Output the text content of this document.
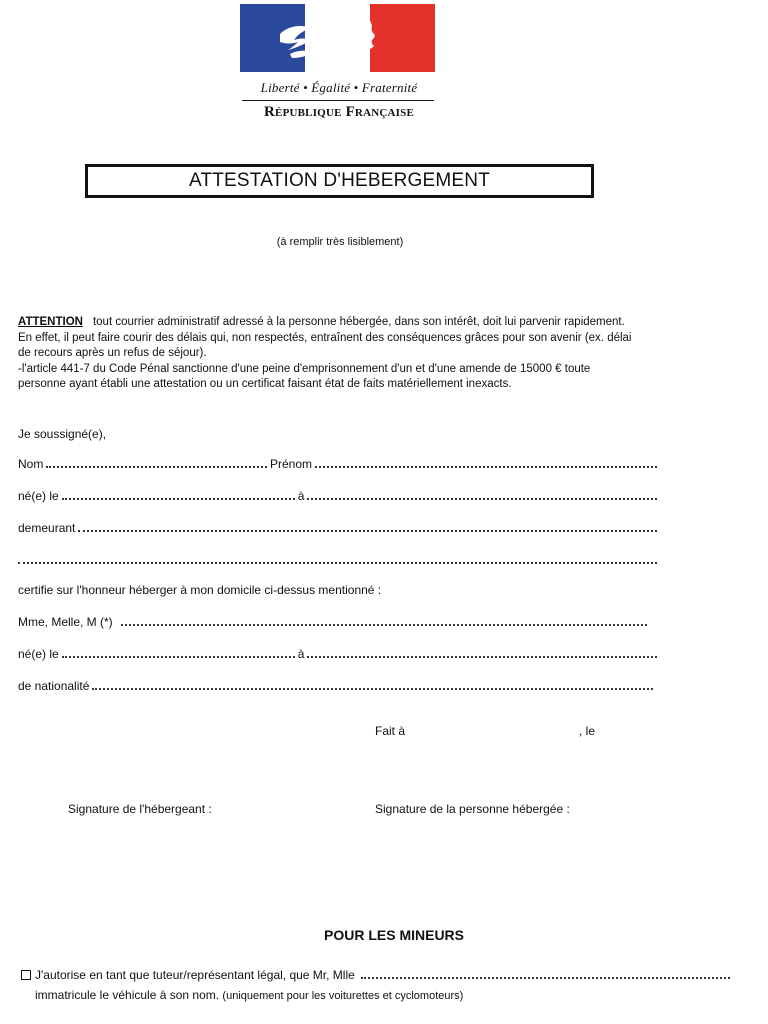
Liberté • Égalité • Fraternité
République Française
ATTESTATION D'HEBERGEMENT
(à remplir très lisiblement)
ATTENTION tout courrier administratif adressé à la personne hébergée, dans son intérêt, doit lui parvenir rapidement.
En effet, il peut faire courir des délais qui, non respectés, entraînent des conséquences grâces pour son avenir (ex. délai
de recours après un refus de séjour).
-l'article 441-7 du Code Pénal sanctionne d'une peine d'emprisonnement d'un et d'une amende de 15000 € toute
personne ayant établi une attestation ou un certificat faisant état de faits matériellement inexacts.
Je soussigné(e),
Nom	Prénom
né(e) le	à
demeurant
certifie sur l'honneur héberger à mon domicile ci-dessus mentionné :
Mme, Melle, M (*)
né(e) le	à
de nationalité
Fait à	, le
Signature de l'hébergeant :	Signature de la personne hébergée :
POUR LES MINEURS
J'autorise en tant que tuteur/représentant légal, que Mr, Mlle
immatricule le véhicule à son nom. (uniquement pour les voiturettes et cyclomoteurs)
